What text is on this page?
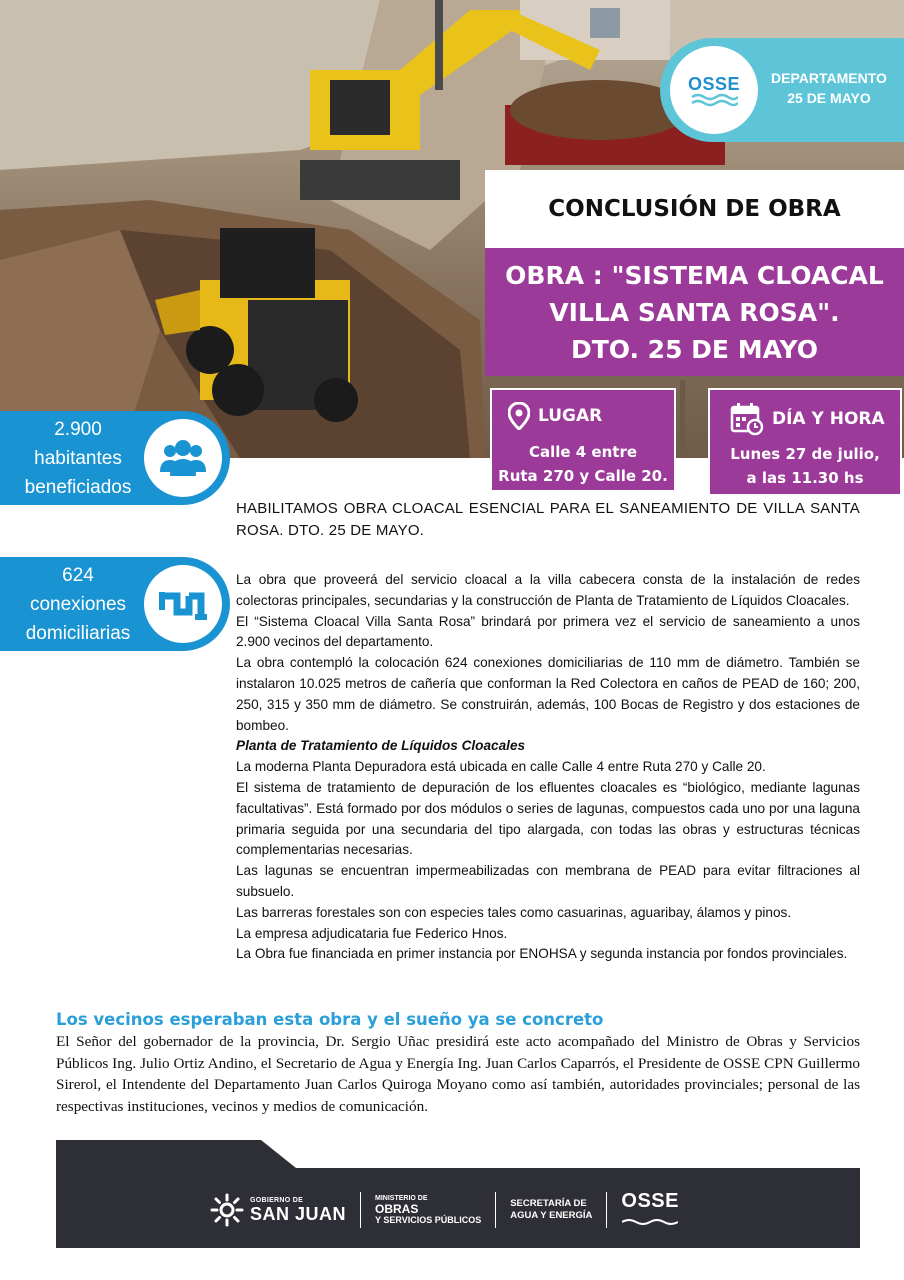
OSSE	DEPARTAMENTO
25 DE MAYO
CONCLUSIÓN DE OBRA
OBRA : "SISTEMA CLOACAL
VILLA SANTA ROSA".
DTO. 25 DE MAYO
LUGAR
Calle 4 entre
Ruta 270 y Calle 20.
DÍA Y HORA
Lunes 27 de julio,
a las 11.30 hs
2.900
habitantes
beneficiados
624
conexiones
domiciliarias
HABILITAMOS OBRA CLOACAL ESENCIAL PARA EL SANEAMIENTO DE VILLA SANTA ROSA. DTO. 25 DE MAYO.

La obra que proveerá del servicio cloacal a la villa cabecera consta de la instalación de redes colectoras principales, secundarias y la construcción de Planta de Tratamiento de Líquidos Cloacales.

El “Sistema Cloacal Villa Santa Rosa” brindará por primera vez el servicio de saneamiento a unos 2.900 vecinos del departamento.

La obra contempló la colocación 624 conexiones domiciliarias de 110 mm de diámetro. También se instalaron 10.025 metros de cañería que conforman la Red Colectora en caños de PEAD de 160; 200, 250, 315 y 350 mm de diámetro. Se construirán, además, 100 Bocas de Registro y dos estaciones de bombeo.

Planta de Tratamiento de Líquidos Cloacales

La moderna Planta Depuradora está ubicada en calle Calle 4 entre Ruta 270 y Calle 20.

El sistema de tratamiento de depuración de los efluentes cloacales es “biológico, mediante lagunas facultativas”. Está formado por dos módulos o series de lagunas, compuestos cada uno por una laguna primaria seguida por una secundaria del tipo alargada, con todas las obras y estructuras técnicas complementarias necesarias.

Las lagunas se encuentran impermeabilizadas con membrana de PEAD para evitar filtraciones al subsuelo.

Las barreras forestales son con especies tales como casuarinas, aguaribay, álamos y pinos.

La empresa adjudicataria fue Federico Hnos.

La Obra fue financiada en primer instancia por ENOHSA y segunda instancia por fondos provinciales.

Los vecinos esperaban esta obra y el sueño ya se concreto
El Señor del gobernador de la provincia, Dr. Sergio Uñac presidirá este acto acompañado del Ministro de Obras y Servicios Públicos Ing. Julio Ortiz Andino, el Secretario de Agua y Energía Ing. Juan Carlos Caparrós, el Presidente de OSSE CPN Guillermo Sirerol, el Intendente del Departamento Juan Carlos Quiroga Moyano como así también, autoridades provinciales; personal de las respectivas instituciones, vecinos y medios de comunicación.
GOBIERNO DE
SAN JUAN
MINISTERIO DE
OBRAS
Y SERVICIOS PÚBLICOS
SECRETARÍA DE
AGUA Y ENERGÍA
OSSE
